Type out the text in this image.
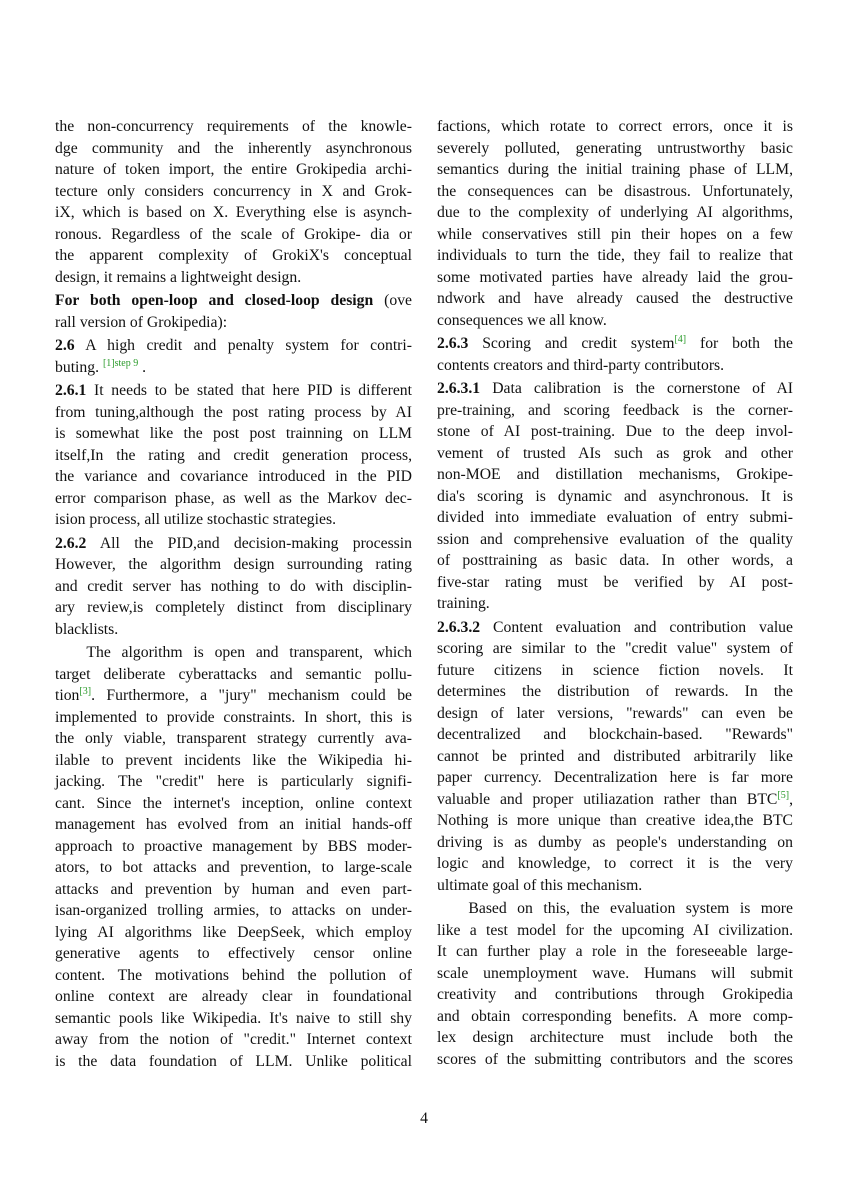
the non-concurrency requirements of the knowle-
dge community and the inherently asynchronous
nature of token import, the entire Grokipedia archi-
tecture only considers concurrency in X and Grok-
iX, which is based on X. Everything else is asynch-
ronous. Regardless of the scale of Grokipe- dia or
the apparent complexity of GrokiX's conceptual
design, it remains a lightweight design.
For both open-loop and closed-loop design (ove
rall version of Grokipedia):
2.6 A high credit and penalty system for contri-
buting. $^{[1]step 9}$ .
2.6.1 It needs to be stated that here PID is different
from tuning,although the post rating process by AI
is somewhat like the post post trainning on LLM
itself,In the rating and credit generation process,
the variance and covariance introduced in the PID
error comparison phase, as well as the Markov dec-
ision process, all utilize stochastic strategies.
2.6.2 All the PID,and decision-making processin
However, the algorithm design surrounding rating
and credit server has nothing to do with disciplin-
ary review,is completely distinct from disciplinary
blacklists.
The algorithm is open and transparent, which
target deliberate cyberattacks and semantic pollu-
tion[3]. Furthermore, a "jury" mechanism could be
implemented to provide constraints. In short, this is
the only viable, transparent strategy currently ava-
ilable to prevent incidents like the Wikipedia hi-
jacking. The "credit" here is particularly signifi-
cant. Since the internet's inception, online context
management has evolved from an initial hands-off
approach to proactive management by BBS moder-
ators, to bot attacks and prevention, to large-scale
attacks and prevention by human and even part-
isan-organized trolling armies, to attacks on under-
lying AI algorithms like DeepSeek, which employ
generative agents to effectively censor online
content. The motivations behind the pollution of
online context are already clear in foundational
semantic pools like Wikipedia. It's naive to still shy
away from the notion of "credit." Internet context
is the data foundation of LLM. Unlike political
factions, which rotate to correct errors, once it is
severely polluted, generating untrustworthy basic
semantics during the initial training phase of LLM,
the consequences can be disastrous. Unfortunately,
due to the complexity of underlying AI algorithms,
while conservatives still pin their hopes on a few
individuals to turn the tide, they fail to realize that
some motivated parties have already laid the grou-
ndwork and have already caused the destructive
consequences we all know.
2.6.3 Scoring and credit system[4] for both the
contents creators and third-party contributors.
2.6.3.1 Data calibration is the cornerstone of AI
pre-training, and scoring feedback is the corner-
stone of AI post-training. Due to the deep invol-
vement of trusted AIs such as grok and other
non-MOE and distillation mechanisms, Grokipe-
dia's scoring is dynamic and asynchronous. It is
divided into immediate evaluation of entry submi-
ssion and comprehensive evaluation of the quality
of posttraining as basic data. In other words, a
five-star rating must be verified by AI post-
training.
2.6.3.2 Content evaluation and contribution value
scoring are similar to the "credit value" system of
future citizens in science fiction novels. It
determines the distribution of rewards. In the
design of later versions, "rewards" can even be
decentralized and blockchain-based. "Rewards"
cannot be printed and distributed arbitrarily like
paper currency. Decentralization here is far more
valuable and proper utiliazation rather than BTC[5],
Nothing is more unique than creative idea,the BTC
driving is as dumby as people's understanding on
logic and knowledge, to correct it is the very
ultimate goal of this mechanism.
Based on this, the evaluation system is more
like a test model for the upcoming AI civilization.
It can further play a role in the foreseeable large-
scale unemployment wave. Humans will submit
creativity and contributions through Grokipedia
and obtain corresponding benefits. A more comp-
lex design architecture must include both the
scores of the submitting contributors and the scores
4
